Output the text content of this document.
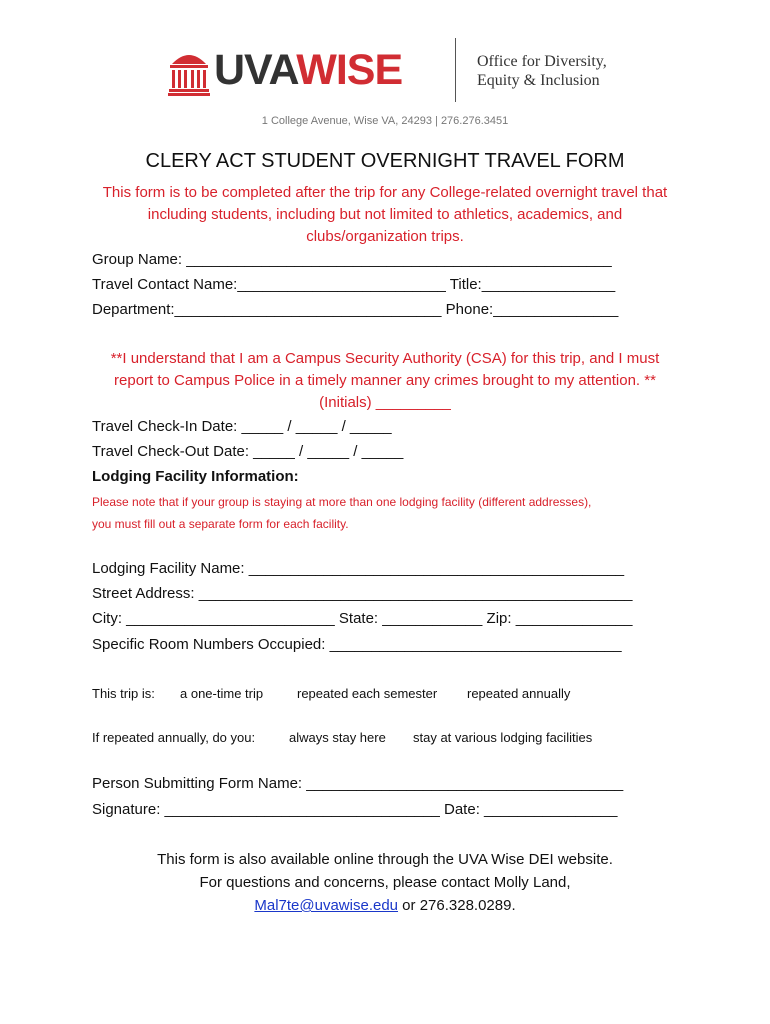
UVAWISE	Office for Diversity,
Equity & Inclusion
1 College Avenue, Wise VA, 24293 | 276.276.3451
CLERY ACT STUDENT OVERNIGHT TRAVEL FORM
This form is to be completed after the trip for any College-related overnight travel that including students, including but not limited to athletics, academics, and clubs/organization trips.
Group Name: ___________________________________________________
Travel Contact Name:_________________________ Title:________________
Department:________________________________ Phone:_______________
**I understand that I am a Campus Security Authority (CSA) for this trip, and I must report to Campus Police in a timely manner any crimes brought to my attention. ** (Initials) _________
Travel Check-In Date: _____ / _____ / _____
Travel Check-Out Date: _____ / _____ / _____
Lodging Facility Information:
Please note that if your group is staying at more than one lodging facility (different addresses),
you must fill out a separate form for each facility.
Lodging Facility Name: _____________________________________________
Street Address: ____________________________________________________
City: _________________________ State: ____________ Zip: ______________
Specific Room Numbers Occupied: ___________________________________
This trip is: a one-time trip	repeated each semester repeated annually
If repeated annually, do you:	always stay here stay at various lodging facilities
Person Submitting Form Name: ______________________________________
Signature: _________________________________ Date: ________________
This form is also available online through the UVA Wise DEI website.
For questions and concerns, please contact Molly Land,
Mal7te@uvawise.edu or 276.328.0289.
